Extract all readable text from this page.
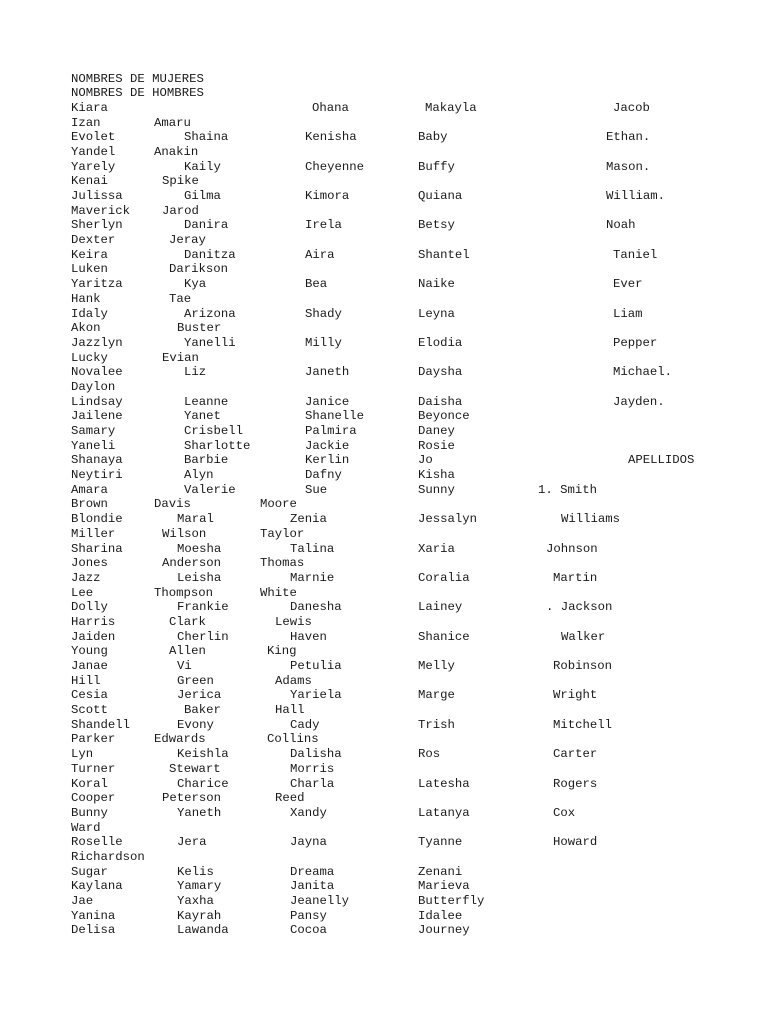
NOMBRES DE MUJERES
NOMBRES DE HOMBRES
Kiara	Ohana	Makayla	Jacob
Izan	Amaru
Evolet	Shaina	Kenisha	Baby	Ethan.
Yandel	Anakin
Yarely	Kaily	Cheyenne	Buffy	Mason.
Kenai	Spike
Julissa	Gilma	Kimora	Quiana	William.
Maverick	Jarod
Sherlyn	Danira	Irela	Betsy	Noah
Dexter	Jeray
Keira	Danitza	Aira	Shantel	Taniel
Luken	Darikson
Yaritza	Kya	Bea	Naike	Ever
Hank	Tae
Idaly	Arizona	Shady	Leyna	Liam
Akon	Buster
Jazzlyn	Yanelli	Milly	Elodia	Pepper
Lucky	Evian
Novalee	Liz	Janeth	Daysha	Michael.
Daylon
Lindsay	Leanne	Janice	Daisha	Jayden.
Jailene	Yanet	Shanelle	Beyonce
Samary	Crisbell	Palmira	Daney
Yaneli	Sharlotte	Jackie	Rosie
Shanaya	Barbie	Kerlin	Jo	APELLIDOS
Neytiri	Alyn	Dafny	Kisha
Amara	Valerie	Sue	Sunny	1. Smith
Brown	Davis	Moore
Blondie	Maral	Zenia	Jessalyn	Williams
Miller	Wilson	Taylor
Sharina	Moesha	Talina	Xaria	Johnson
Jones	Anderson	Thomas
Jazz	Leisha	Marnie	Coralia	Martin
Lee	Thompson	White
Dolly	Frankie	Danesha	Lainey	. Jackson
Harris	Clark	Lewis
Jaiden	Cherlin	Haven	Shanice	Walker
Young	Allen	King
Janae	Vi	Petulia	Melly	Robinson
Hill	Green	Adams
Cesia	Jerica	Yariela	Marge	Wright
Scott	Baker	Hall
Shandell	Evony	Cady	Trish	Mitchell
Parker	Edwards	Collins
Lyn	Keishla	Dalisha	Ros	Carter
Turner	Stewart	Morris
Koral	Charice	Charla	Latesha	Rogers
Cooper	Peterson	Reed
Bunny	Yaneth	Xandy	Latanya	Cox
Ward
Roselle	Jera	Jayna	Tyanne	Howard
Richardson
Sugar	Kelis	Dreama	Zenani
Kaylana	Yamary	Janita	Marieva
Jae	Yaxha	Jeanelly	Butterfly
Yanina	Kayrah	Pansy	Idalee
Delisa	Lawanda	Cocoa	Journey
